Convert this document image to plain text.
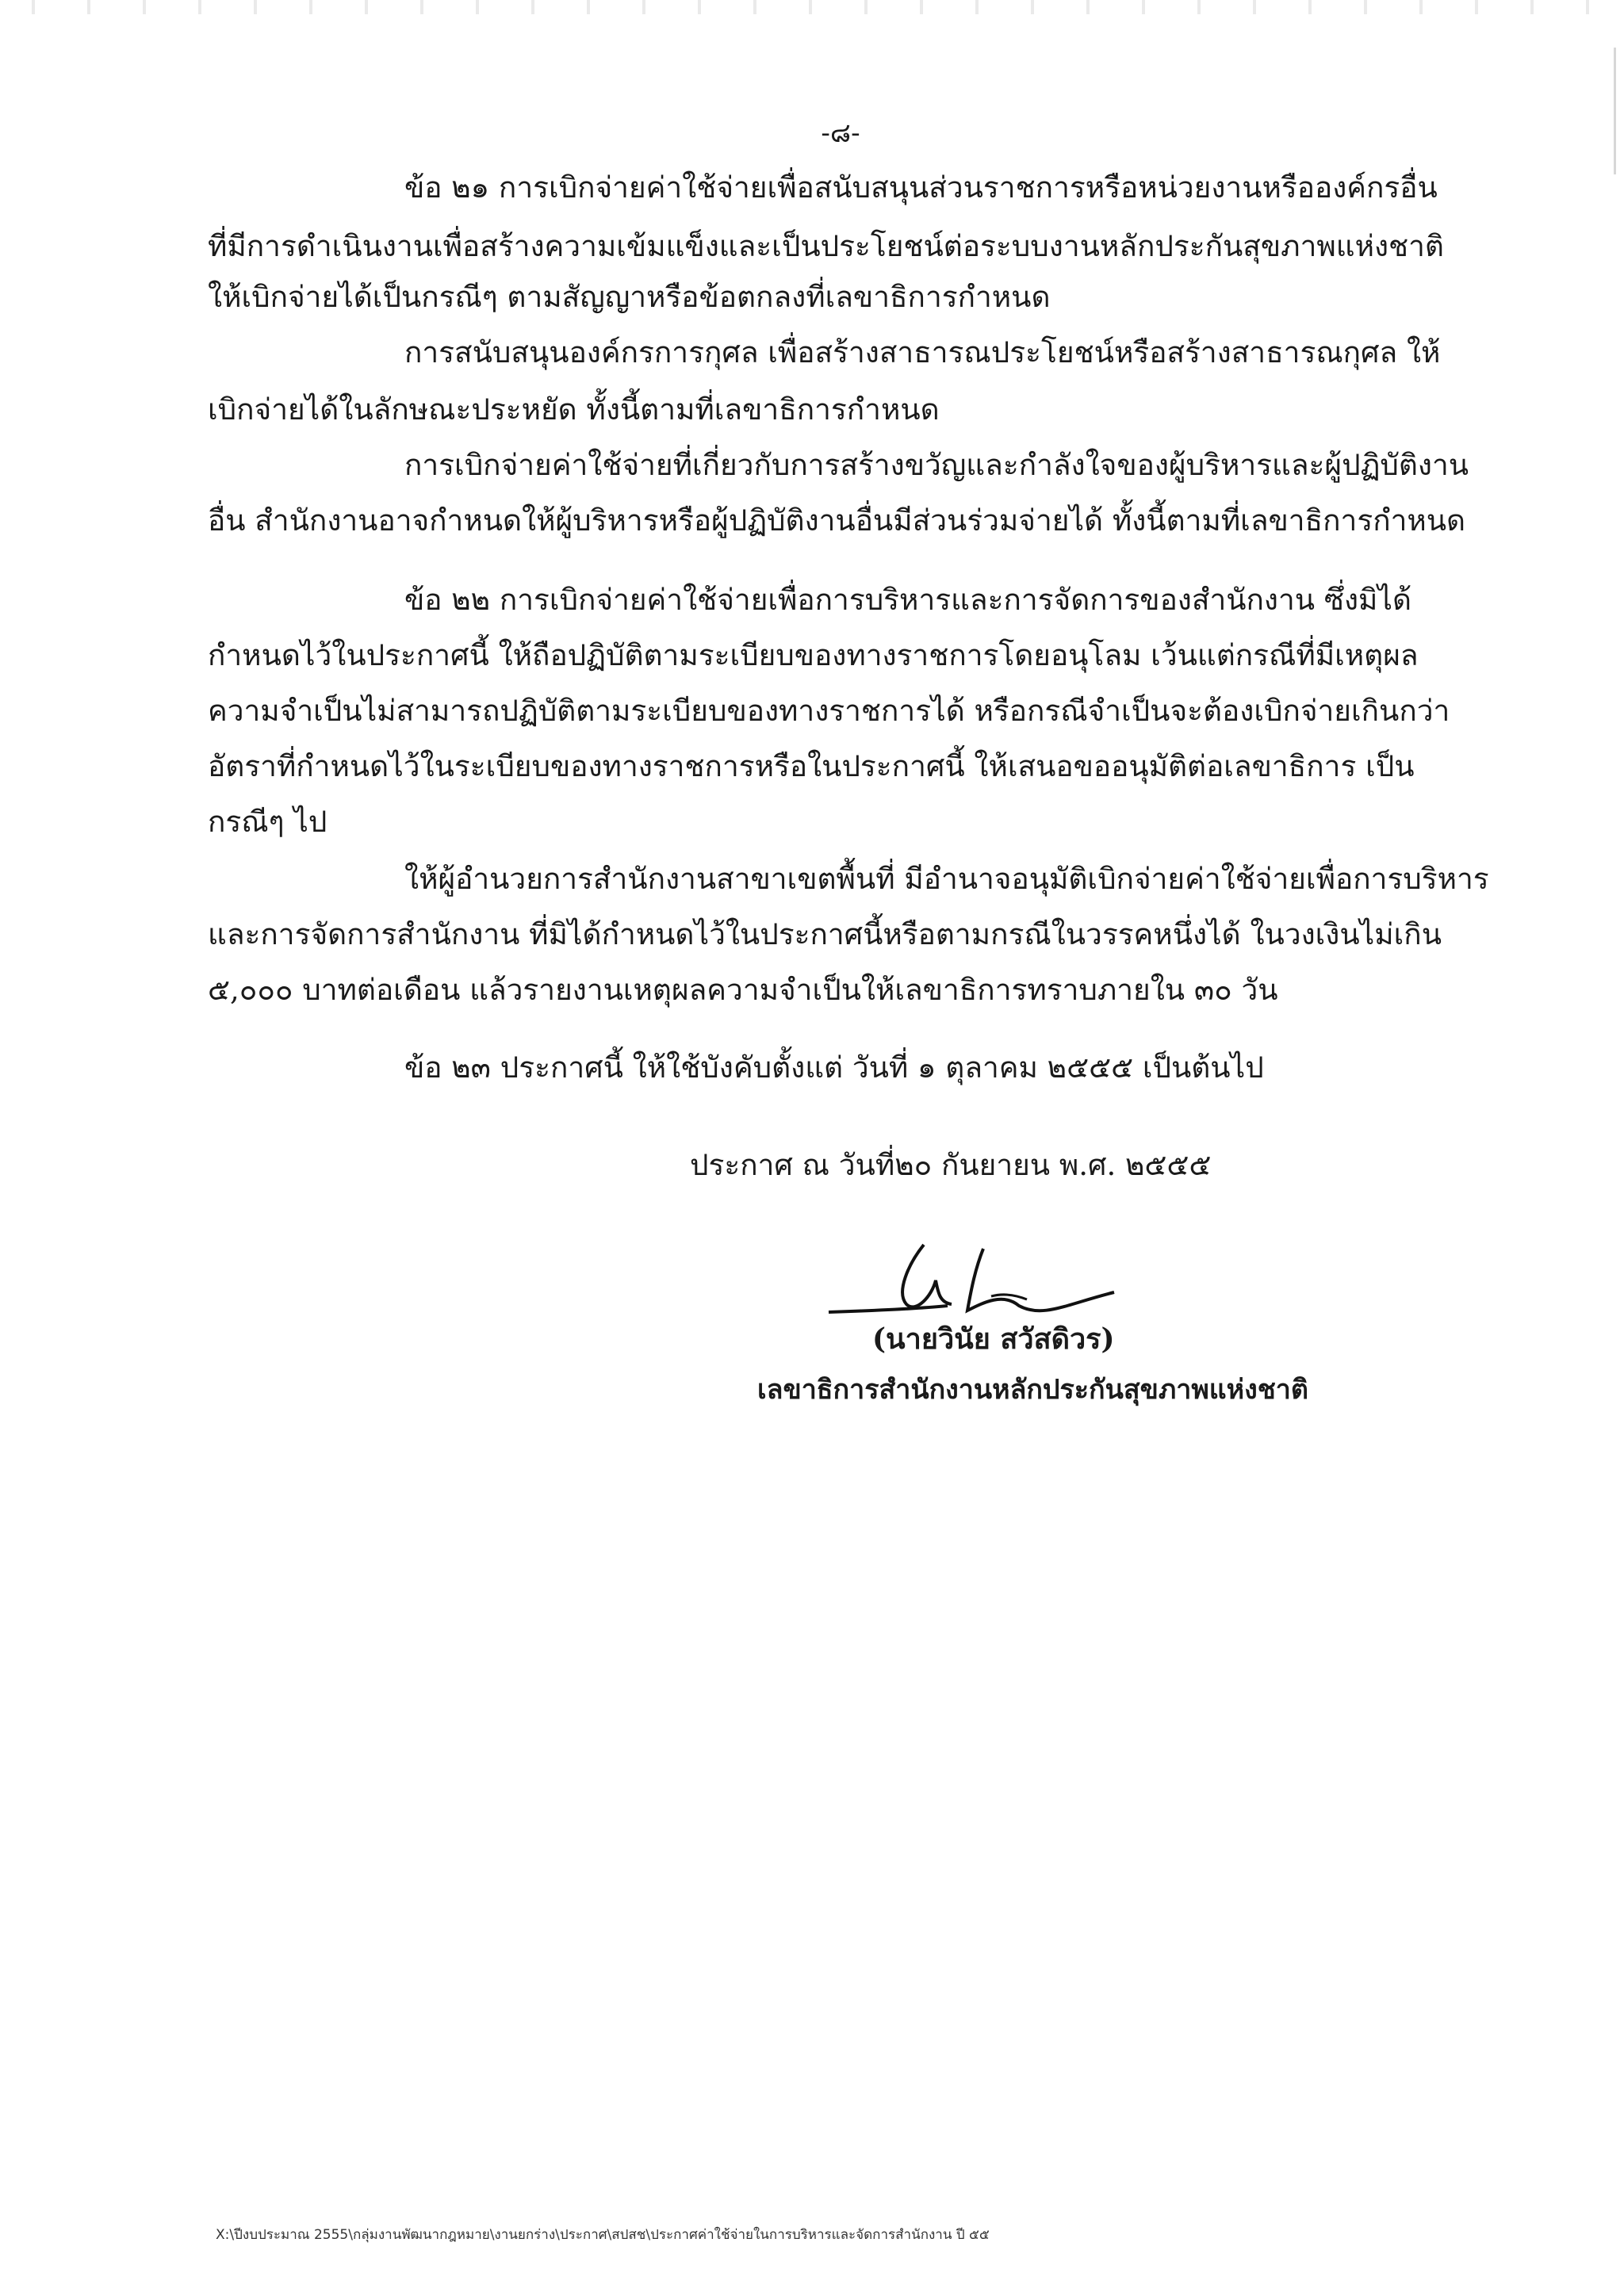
-๘-
ข้อ ๒๑ การเบิกจ่ายค่าใช้จ่ายเพื่อสนับสนุนส่วนราชการหรือหน่วยงานหรือองค์กรอื่น
ที่มีการดำเนินงานเพื่อสร้างความเข้มแข็งและเป็นประโยชน์ต่อระบบงานหลักประกันสุขภาพแห่งชาติ
ให้เบิกจ่ายได้เป็นกรณีๆ ตามสัญญาหรือข้อตกลงที่เลขาธิการกำหนด
การสนับสนุนองค์กรการกุศล เพื่อสร้างสาธารณประโยชน์หรือสร้างสาธารณกุศล ให้
เบิกจ่ายได้ในลักษณะประหยัด ทั้งนี้ตามที่เลขาธิการกำหนด
การเบิกจ่ายค่าใช้จ่ายที่เกี่ยวกับการสร้างขวัญและกำลังใจของผู้บริหารและผู้ปฏิบัติงาน
อื่น สำนักงานอาจกำหนดให้ผู้บริหารหรือผู้ปฏิบัติงานอื่นมีส่วนร่วมจ่ายได้ ทั้งนี้ตามที่เลขาธิการกำหนด
ข้อ ๒๒ การเบิกจ่ายค่าใช้จ่ายเพื่อการบริหารและการจัดการของสำนักงาน ซึ่งมิได้
กำหนดไว้ในประกาศนี้ ให้ถือปฏิบัติตามระเบียบของทางราชการโดยอนุโลม เว้นแต่กรณีที่มีเหตุผล
ความจำเป็นไม่สามารถปฏิบัติตามระเบียบของทางราชการได้ หรือกรณีจำเป็นจะต้องเบิกจ่ายเกินกว่า
อัตราที่กำหนดไว้ในระเบียบของทางราชการหรือในประกาศนี้ ให้เสนอขออนุมัติต่อเลขาธิการ เป็น
กรณีๆ ไป
ให้ผู้อำนวยการสำนักงานสาขาเขตพื้นที่ มีอำนาจอนุมัติเบิกจ่ายค่าใช้จ่ายเพื่อการบริหาร
และการจัดการสำนักงาน ที่มิได้กำหนดไว้ในประกาศนี้หรือตามกรณีในวรรคหนึ่งได้ ในวงเงินไม่เกิน
๕,๐๐๐ บาทต่อเดือน แล้วรายงานเหตุผลความจำเป็นให้เลขาธิการทราบภายใน ๓๐ วัน
ข้อ ๒๓ ประกาศนี้ ให้ใช้บังคับตั้งแต่ วันที่ ๑ ตุลาคม ๒๕๕๕ เป็นต้นไป
ประกาศ ณ วันที่๒๐ กันยายน พ.ศ. ๒๕๕๕
(นายวินัย สวัสดิวร)
เลขาธิการสำนักงานหลักประกันสุขภาพแห่งชาติ
X:\ปีงบประมาณ 2555\กลุ่มงานพัฒนากฎหมาย\งานยกร่าง\ประกาศ\สปสช\ประกาศค่าใช้จ่ายในการบริหารและจัดการสำนักงาน ปี ๕๕
